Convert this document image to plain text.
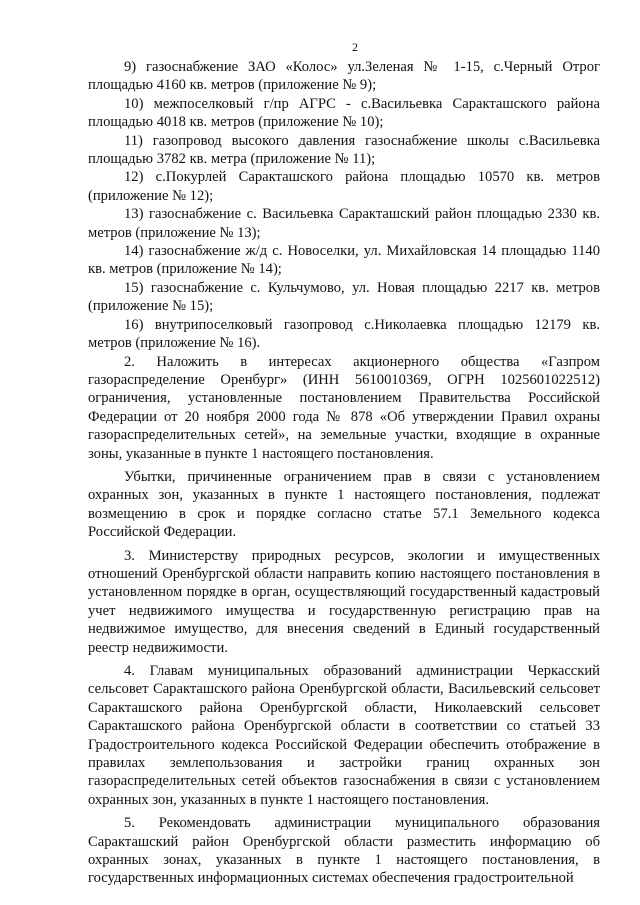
2

9) газоснабжение ЗАО «Колос» ул.Зеленая № 1-15, с.Черный Отрог площадью 4160 кв. метров (приложение № 9);

10) межпоселковый г/пр АГРС - с.Васильевка Саракташского района площадью 4018 кв. метров (приложение № 10);

11) газопровод высокого давления газоснабжение школы с.Васильевка площадью 3782 кв. метра (приложение № 11);

12) с.Покурлей Саракташского района площадью 10570 кв. метров (приложение № 12);

13) газоснабжение с. Васильевка Саракташский район площадью 2330 кв. метров (приложение № 13);

14) газоснабжение ж/д с. Новоселки, ул. Михайловская 14 площадью 1140 кв. метров (приложение № 14);

15) газоснабжение с. Кульчумово, ул. Новая площадью 2217 кв. метров (приложение № 15);

16) внутрипоселковый газопровод с.Николаевка площадью 12179 кв. метров (приложение № 16).

2. Наложить в интересах акционерного общества «Газпром газораспределение Оренбург» (ИНН 5610010369, ОГРН 1025601022512) ограничения, установленные постановлением Правительства Российской Федерации от 20 ноября 2000 года № 878 «Об утверждении Правил охраны газораспределительных сетей», на земельные участки, входящие в охранные зоны, указанные в пункте 1 настоящего постановления.

Убытки, причиненные ограничением прав в связи с установлением охранных зон, указанных в пункте 1 настоящего постановления, подлежат возмещению в срок и порядке согласно статье 57.1 Земельного кодекса Российской Федерации.

3. Министерству природных ресурсов, экологии и имущественных отношений Оренбургской области направить копию настоящего постановления в установленном порядке в орган, осуществляющий государственный кадастровый учет недвижимого имущества и государственную регистрацию прав на недвижимое имущество, для внесения сведений в Единый государственный реестр недвижимости.

4. Главам муниципальных образований администрации Черкасский сельсовет Саракташского района Оренбургской области, Васильевский сельсовет Саракташского района Оренбургской области, Николаевский сельсовет Саракташского района Оренбургской области в соответствии со статьей 33 Градостроительного кодекса Российской Федерации обеспечить отображение в правилах землепользования и застройки границ охранных зон газораспределительных сетей объектов газоснабжения в связи с установлением охранных зон, указанных в пункте 1 настоящего постановления.

5. Рекомендовать администрации муниципального образования Саракташский район Оренбургской области разместить информацию об охранных зонах, указанных в пункте 1 настоящего постановления, в государственных информационных системах обеспечения градостроительной
